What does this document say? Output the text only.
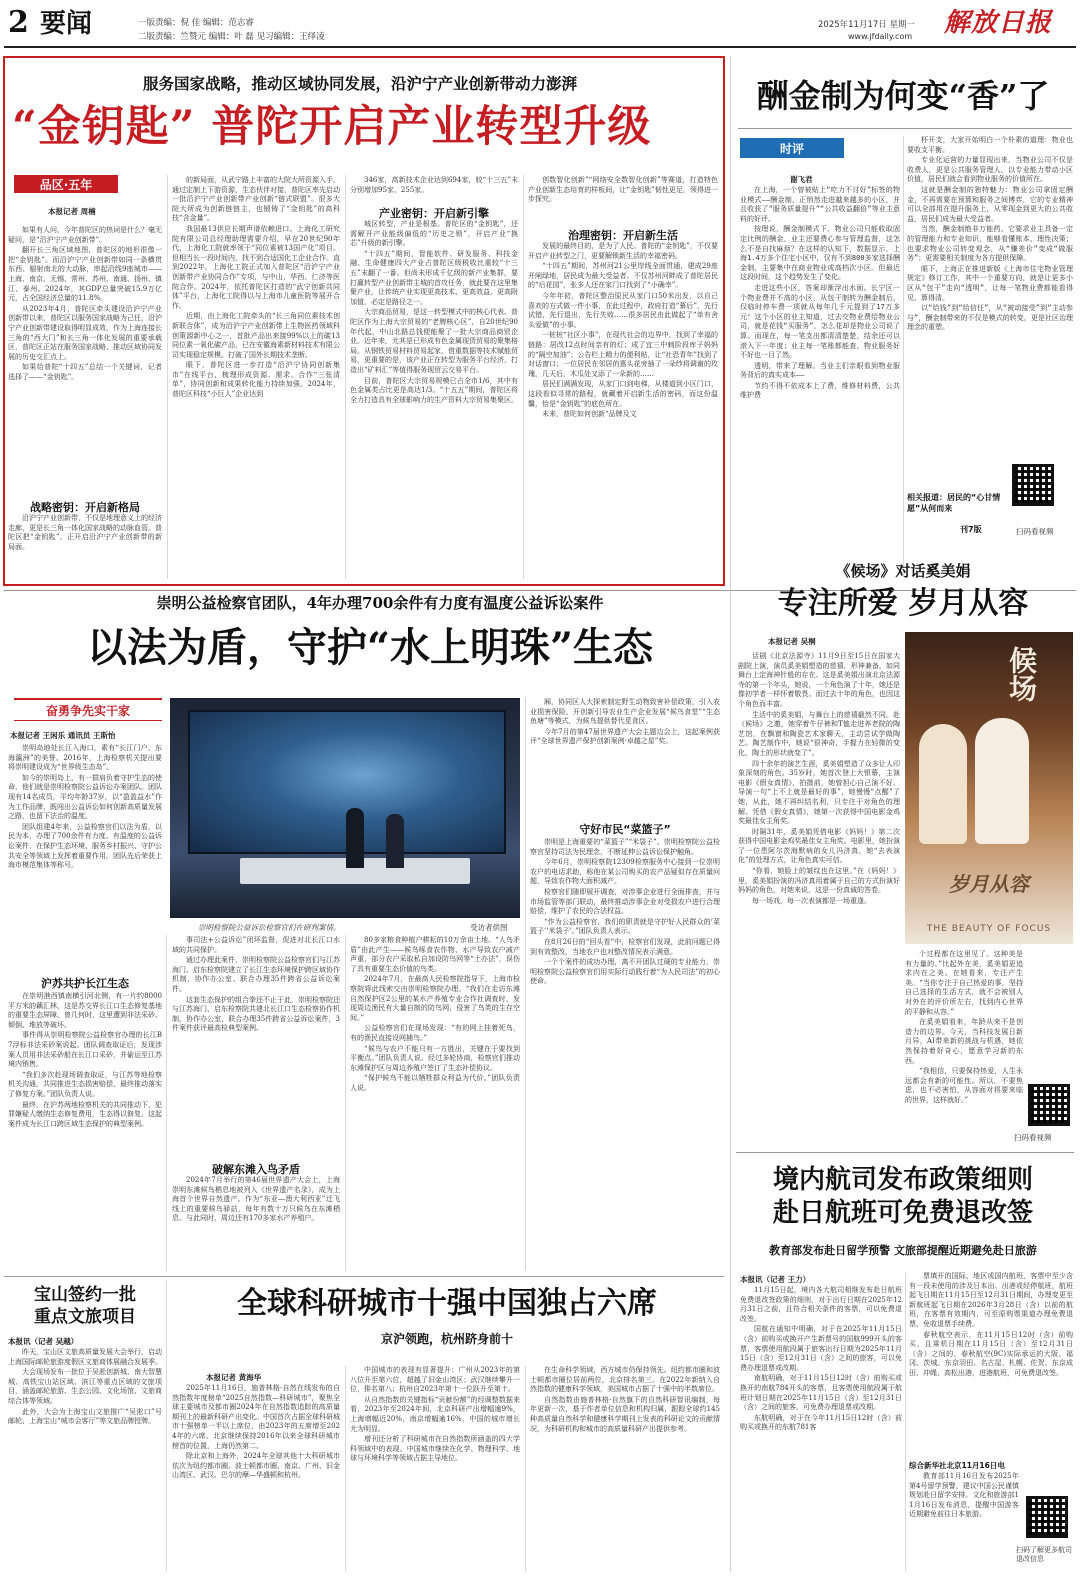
2 要闻	一版责编：倪 佳 编辑：范志睿
二版责编：竺赞元 编辑：叶 磊 见习编辑：王绎凌
2025年11月17日 星期一
www.jfdaily.com 解放日报
服务国家战略，推动区域协同发展，沿沪宁产业创新带动力澎湃
“金钥匙” 普陀开启产业转型升级
品区·五年
本报记者 周楠

如果有人问，今年普陀区的热词是什么？毫无疑问，是“沿沪宁产业创新带”。

翻开长三角区域地图，普陀区的地形很像一把“金钥匙”。而沿沪宁产业创新带如同一条横贯东西、辐射南北的大动脉，串起沿线9座城市——上海、南京、无锡、常州、苏州、南通、扬州、镇江、泰州。2024年，其GDP总量突破15.9万亿元，占全国经济总量的11.8%。

从2023年4月，普陀区牵头建设沿沪宁产业创新带以来，普陀区以服务国家战略为己任，沿沪宁产业创新带建设取得明显成效，作为上海连接长三角的“西大门”和长三角一体化发展的重要承载区，普陀区正站在服务国家战略、推动区域协同发展的历史交汇点上。

如果给普陀“十四五”总结一个关键词，记者选择了——“金钥匙”。

战略密钥：开启新格局

沿沪宁产业创新带，不仅是地理意义上的经济走廊，更是长三角一体化国家战略的动脉血管。普陀区把“金钥匙”，正开启沿沪宁产业创新带的新局面。

的新局面，从武宁路上丰富的大院大所资源入手，通过定制上下游资源，生态伙伴对接，普陀区率先启动一批沿沪宁产业创新带产业创新“链式联盟”。很多大院大所成为创新链链主，也锻铸了“金钥匙”的高科技“含金量”。

我国最13供应长期声谱依赖进口。上海化工研究院有限公司总经理助理需要介绍，早在20世纪90年代，上海化工院就率领于“同位素被13国产化”项目。但相当长一段时间内，找不到合适国化工企业合作。直到2022年，上海化工院正式加入普陀区“沿沪宁产业创新带产业协同合作”专项，与中山、华西、仁济等医院合作。2024年，依托普陀区打造的“武宁创新共同体”平台，上海化工院得以与上海市儿童医院等展开合作。

近期，由上海化工院牵头的“长三角同位素技术创新联合体”，成为沿沪宁产业创新带上生物医药领域科创策源新中心之一，首批产品出来接99%以上的碳13同位素一氧化碳产品，已在安徽海素新材料技术有限公司实现稳定规模。打破了国外长期技术垄断。

眼下，普陀区进一步打造“沿沪宁协同创新集市”在线平台，梳理形成资源、需求、合作“三张清单”，协同创新和成果转化能力持续加强。2024年，普陀区科技“小巨人”企业达到

346家，高新技术企业达到694家，较“十三五”末分别增加95家、255家。

产业密钥：开启新引擎

城区转型，产业是根基。普陀区的“金钥匙”，还需解开产业能级偏低的“历史之锁”，开启产业“换芯”升级的新引擎。

“十四五”期间，智能软件、研发服务、科技金融、生命健康四大产业占普陀区级税收比重较“十三五”末翻了一番。但尚未形成千亿级的新产业集群，要打赢转型产业创新带主城的首攻任务，就此要在这里集聚产业，让传统产业实现更高技术、更高效益、更高附加值，必定是路径之一。

大宗商品贸易，是这一转型模式中的核心代表。普陀区作为上海大宗贸易的“老牌核心区”，自20世纪90年代起，中山北路总钱便能聚了一批大宗商品商贸企业。近年来，尤其是已形成有色金属现货贸易的聚集格局。从钢铁贸易材料贸易起家，借重数据等技术赋能贸易，更重要的是，该产业正在转型为服务平台经济，打造出“矿料汇”等值得服务现贸云交易平台。

目前，普陀区大宗贸易规模已占全市1/6，其中有色金属类占比更是高达1/3。“十五五”期间，普陀区将全力打造具有全球影响力的生产资料大宗贸易集聚区。

创数智化创新”“网络安全数智化创新”等赛道，打造特色产业创新生态培育的样板间，让“金钥匙”韧性更足，领得进一步探究。

治理密钥：开启新生活

发展的最终目的，是为了人民。普陀的“金钥匙”，不仅要开启产业转型之门，更要解锁新生活的幸福密码。

“十四五”期间，苏州河21公里岸线全面贯通，建成29座开闸绿地，居民成为最大受益者。不仅苏州河畔成了普陀居民的“后花园”，张多人还在家门口找到了“小确幸”。

今年年初，普陀区整治原民从家门口50米出发，以自己喜欢的方式做一件小事，在此过程中，政府打造“幕后”，先行试错，先行退出，先行失败……很多居民由此做起了“单有舍头爱做”的小事。

一桩桩“社区小事”，在现代社会的边界中，找到了幸福的链路：居改12点时间亲有的灯；成了宜三中刺阶段库子妈妈的“隔空加油”；公告栏上精力的便利贴，让“社恐青年”找到了对话窗口；一位居民在邻居的惠头花旁插了一朵纱将调谢的玫瑰，几天后，木瓜处又添了一朵新的……

居民们满满发现，从家门口到电梯，从楼道到小区门口，这段看似寻常的路程，就藏着开启新生活的密码，而这份温馨，恰是“金钥匙”的底色所在。

未来，普陀如何创新“品牌及文

酬金制为何变“香”了
时评
谢飞君

在上海，一个曾被贴上“吃力不讨好”标签的物业模式——酬金制，正悄然走进越来越多的小区，并且收获了“服务质量提升”“公共收益翻倍”等业主意料的好评。

按理说，酬金制模式下，物业公司只能收取固定比例的酬金，业主还要费心参与管理监督，这怎么不是自找麻烦？在这样的认知下，数据显示，上海1.4万多个住宅小区中，仅有不到800多家选择酬金制，主要集中在商业物业或高档次小区。但最近这段时间，这个趋势发生了变化。

走进这些小区，答案却渐浮出水面。长宁区一个物业费并不高的小区，从包干制转为酬金制后，仅临时停车费一项就从每年几千元提到了17万多元！这个小区的业主知道，过去交物业费给物业公司，就是花钱“买服务”，怎么花却是物业公司说了算。而现在，每一笔支出都清清楚楚，结余还可以滚入下一年度；业主每一笔账都能查，物业服务好不好也一目了然。

透明，带来了理解。当业主们亲眼看到物业服务背后的真实成本——

节约不得不依成本上了费，维修材料费，公共维护费

杯开支，大家开始明白一个朴素的道理：物业也要收支平衡。

专业化运营的力量显现出来，当物业公司不仅是收费人，更是公共服务管理人，以专业能力带动小区价值，居民们就会看到物业服务的价值所在。

这就是酬金制的独特魅力：物业公司拿固定酬金，不再需要在预算和服务之间博弈，它的专业精神可以全部用在提升服务上，从零现金到更大的公共收益，居民们成为最大受益者。

当然，酬金制绝非万能药。它要求业主具备一定的管理能力和专业知识，能够看懂账本、理性决策；也要求物业公司转变观念，从“赚差价”变成“做服务”；更需要相关制度为各方提供保障。

眼下，上海正在推进新版《上海市住宅物业管理规定》修订工作，其中一个重要方向，就是让更多小区从“包干”走向“透明”，让每一笔物业费都能看得见、算得清。

以“给钱”到“给信任”，从“被动接受”到“主动参与”，酬金制带来的不仅是模式的转变，更是社区治理理念的重塑。

相关报道：居民的“心甘情愿”从何而来
刊7版	扫码看视频
崇明公益检察官团队，4年办理700余件有力度有温度公益诉讼案件
以法为盾，守护“水上明珠”生态
奋勇争先实干家
本报记者 王闲乐 通讯员 王斯怡

崇明岛地处长江入海口，素有“长江门户、东海瀛洲”的美誉。2016年，上海检察机关提出要将崇明建设成为“世界级生态岛”。

如今的崇明岛上，有一群肩负着守护生态的使命，他们就是崇明检察院公益诉讼办案团队。团队现有14名成员，平均年龄37岁，以“盈盈益水”作为工作品牌，既闯出公益诉讼如何创新高质量发展之路，也留下法治的温度。

团队组建4年来，公益检察官们以法为盾，以民为本，办理了700余件有力度、有温度的公益诉讼案件，在保护生态环境、服务乡村振兴、守护公共安全等领域上发挥着重要作用。团队先后荣获上海市模范集体等称号。

沪苏共护长江生态

在崇明港西镇南横引河北侧，有一片约8000平方米的藕汇林，这是苏交界长江口生态修复基地的重要生态屏障。曾几何时，这里遭到非法采砂、倾倒、堆放等破坏。

事件得从崇明检察院公益检察官办理的长江B7浮标非法采砂案说起。团队调查取证后，发现涉案人员用非法采砂船在长江口采砂，并偷运至江苏境内销售。

“我们多次赴现场调查取证，与江苏等地检察机关沟通，共同推进生态损害赔偿，最终推动落实了修复方案。”团队负责人说。

最终，在沪苏两地检察机关的共同推动下，犯罪嫌疑人缴纳生态修复费用，生态得以修复。这起案件成为长江口跨区域生态保护的典型案例。

崇明检察院公益诉讼检察官们在研判案情。	受访者供图

事司法+公益诉讼”闭环监督，促进对北长江口水域的共同保护。

通过办理此案件，崇明检察院公益检察官们与江苏海门、启东检察院建立了长江生态环境保护跨区域协作机制，协作办公室、联合办理35件跨省公益诉讼案件。

这套生态保护的组合拳还不止于此，崇明检察院还与江苏海门、启东检察院共建北长江口生态检察协作机制，协作办公室，联合办理35件跨省公益诉讼案件，3件案件获评最高检典型案例。

破解东滩入鸟矛盾

2024年7月举行的第46届世界遗产大会上，上海崇明东滩候鸟栖息地被列入《世界遗产名录》，成为上海首个世界自然遗产。作为“东亚—澳大利西亚”迁飞线上的重要候鸟驿站，每年有数十万只候鸟在东滩栖息。与此同时，周边还有170多家水产养殖户。

80多家粮食种植户耕耘的10万余亩土地。“人鸟矛盾”由此产生——候鸟啄食农作物、水产导致农户减产声重，部分农户采取私自加设防鸟网等“土办法”，误伤了具有重要生态价值的鸟类。

2024年7月，在最高人民检察院指导下，上海市检察院将此线索交由崇明检察院办理。“我们在走访东滩自然保护区2公里的某水产养殖专业合作社调查时，发现周边渔民有大量自制的防鸟网，侵害了鸟类的生存空间。”

公益检察官们在现场发现：“有的网上挂着死鸟，有的渔民直接设网捕鸟。”

“候鸟与农户不能只有一方胜出，关键在于要找到平衡点。”团队负责人说。经过多轮协商，检察官们推动东滩保护区与周边养殖户签订了生态补偿协议。

“保护候鸟不能以牺牲群众利益为代价。”团队负责人说。

厢，协同区人大探索制定野生动物致害补偿政策，引入农业损害保险，开创新引导农业生产企业发展“候鸟食堂”“生态鱼塘”等模式，为候鸟提供替代觅食区。

今年7月的第47届世界遗产大会主题边会上，这起案例获评“全球世界遗产保护创新案例·卓越之星”奖。

守好市民“菜篮子”

崇明是上海重要的“菜篮子”“米袋子”。崇明检察院公益检察官坚持司法为民理念，不断延伸公益诉讼保护触角。

今年6月，崇明检察院12309检察服务中心接到一位崇明农户的电话求助，称他在某公司购买的农产品疑似存在质量问题，导致农作物大面积减产。

检察官们随即展开调查，对涉事企业进行全面排查，并与市场监管等部门联动，最终推动涉事企业对受损农户进行合理赔偿，维护了农民的合法权益。

“作为公益检察官，我们的职责就是守护好人民群众的‘菜篮子’‘米袋子’。”团队负责人表示。

在8月26日的“回头看”中，检察官们发现，此前问题已得到有效整改，当地农户也对整改情况表示满意。

一个个案件的成功办理，离不开团队过硬的专业能力，崇明检察院公益检察官们用实际行动践行着“为人民司法”的初心使命。

《候场》对话奚美娟
专注所爱 岁月从容
本报记者 吴桐

话剧《北京法源寺》11月9日至15日在国家大剧院上演，演员奚美娟塑造的慈禧，形神兼备，如同舞台上定海神针般的存在。这是奚美娟出演北京法源寺的第一个年头，她说，一个角色演了十年，她还是像初学者一样怀着敬畏。而过去十年的角色，也因这个角色而丰富。

生活中的奚美娟，与舞台上的慈禧截然不同。赴《候场》之邀，她穿着牛仔裤和T恤走进养老院的陶艺馆，在飘窗和陶瓷艺术家聊天，主动尝试学做陶艺。陶艺制作中，她说“很神奇，手握力在轻微的变化，陶土的形状就变了”。

四十余年的演艺生涯，奚美娟塑造了众多让人印象深刻的角色。35岁时，她首次登上大银幕，主演电影《假女真情》，拍摄前，她曾担心自己演不好。导演一句“上不上就是最好的事”，她慢慢“点醒”了她，从此，她不再纠结名利，只专注于对角色的理解。凭借《假女真情》，她第一次获得中国电影金鸡奖最佳女主角奖。

时隔31年，奚美娟凭借电影《妈妈！》第二次获得中国电影金鸡奖最佳女主角奖。电影里，她扮演了一位患阿尔茨海默病的女儿冯济真，她“去表演化”的处理方式，让角色真实可信。

“你看，她脸上的皱纹也在这里。”在《妈妈！》里，奚美娟扮演的冯济真用着属于自己的方式扮演好妈妈的角色，对她来说，这是一份真诚的答卷。

每一场戏，每一次表演都是一场重逢。

候场
岁月从容
THE BEAUTY OF FOCUS

个过程都在这里见了。这种美是有力量的。”比起外在美，奚美娟更追求内在之美。在她看来，专注产生美。“当你专注于自己热爱的事，坚持自己选择的生活方式，就不会被别人对外在的评价所左右，找到内心世界的平静和从容。”

在奚美娟看来，年龄从来不是创造力的边界。今天，当科技发展日新月异，AI带来新的挑战与机遇，她依然保持着好奇心，愿意学习新的东西。

“我相信，只要保持热爱，人生永远都会有新的可能性。所以，不要焦虑，也不必害怕，从容面对将要来临的世界，这样就好。”

扫码看视频
境内航司发布政策细则
赴日航班可免费退改签
教育部发布赴日留学预警 文旅部提醒近期避免赴日旅游
本报讯（记者 王力）

11月15日起，境内各大航司相继发布赴日航班免费退改签政策的细则，对于出行日期在2025年12月31日之前，且符合相关条件的客票，可以免费退改签。

国航在通知中明确，对于在2025年11月15日（含）前购买或换开产生新票号的国航999开头的客票，客票使用航段属于旅客出行日期为2025年11月15日（含）至12月31日（含）之间的旅客，可以免费办理退票或改期。

南航明确，对于11月15日12时（含）前购买或换开的南航784开头的客票，且客票使用航段属于航班计划日期在2025年11月15日（含）至12月31日（含）之间的旅客，可免费办理退票或改期。

东航明确，对于在今年11月15日12时（含）前购买或换开的东航781客

票填开的国际、地区或国内航班，客票中至少含有一段未使用的涉及日本出、出港或经停航班，航班起飞日期在11月15日至12月31日期间，办理变更至新航班起飞日期在2026年3月28日（含）以前的航班，在客票有效期内，可至原购票渠道办理免费退票、免收退票手续费。

春秋航空表示，在11月15日12时（含）前购买，且乘机日期在11月15日（含）至12月31日（含）之间的，春秋航空(9C)实际承运的大阪、福冈、茨城、东京羽田、名古屋、札幌、佐贺、东京成田、冲绳、高松出港，进港航班，可免费退改签。

综合新华社北京11月16日电

教育部11月16日发布2025年第4号留学预警，建议中国公民谨慎规划赴日留学安排。文化和旅游部11月16日发布消息，提醒中国游客近期避免前往日本旅游。

扫码了解更多航司退改信息
宝山签约一批
重点文旅项目
本报讯（记者 吴越）

昨天，宝山区文旅高质量发展大会举行，启动上海国际邮轮旅游度假区文旅商体展融合发展季。

大会现场发布一批位于吴淞创新城、南大智慧城、高铁宝山站区域、滨江等重点区域的文旅项目，涵盖邮轮旅游、生态公园、文化场馆、文旅商综合体等领域。

此外，大会为上海宝山文旅推广“吴淞口”号邮轮、上海宝山“城市会客厅”等文旅品牌授牌。

全球科研城市十强中国独占六席
京沪领跑，杭州跻身前十
本报记者 黄海华

2025年11月16日，施普林格·自然在线发布的自然指数年度榜单“2025自然指数—科研城市”，聚焦全球主要城市及都市圈2024年在自然指数追踪的高质量期刊上的最新科研产出变化。中国首次占据全球科研城市十强榜单一半以上席位，由2023年的五席增至2024年的六席。北京继续保持2016年以来全球科研城市榜首的位置，上海仍然第二。

除北京和上海外，2024年全球其他十大科研城市依次为纽约都市圈、波士顿都市圈、南京、广州、旧金山湾区、武汉、巴尔的摩—华盛顿和杭州。

中国城市的表现有显著提升：广州从2023年的第八位升至第六位，超越了旧金山湾区；武汉继续攀升一位，排名第八；杭州自2023年第十一位跃升至第十。

从自然指数的关键指标“贡献份额”的经调整数据来看，2023年至2024年间，北京科研产出增幅逾9%，上海增幅近20%，南京增幅逾16%，中国的城市增长尤为明显。

增刊还分析了科研城市在自然指数所涵盖的四大学科领域中的表现。中国城市继续在化学、物理科学、地球与环境科学等领域占据主导地位。

在生命科学领域，西方城市仍保持领先。纽约都市圈和波士顿都市圈位居前两位，北京排名第三。在2022年新纳入自然指数的健康科学领域，美国城市占据了十强中的半数席位。

自然指数由施普林格·自然旗下的自然科研智讯编制，每年更新一次，基于作者单位信息和机构归属，跟踪全球约145种高质量自然科学和健康科学期刊上发表的科研论文的贡献情况，为科研机构和城市的高质量科研产出提供参考。
